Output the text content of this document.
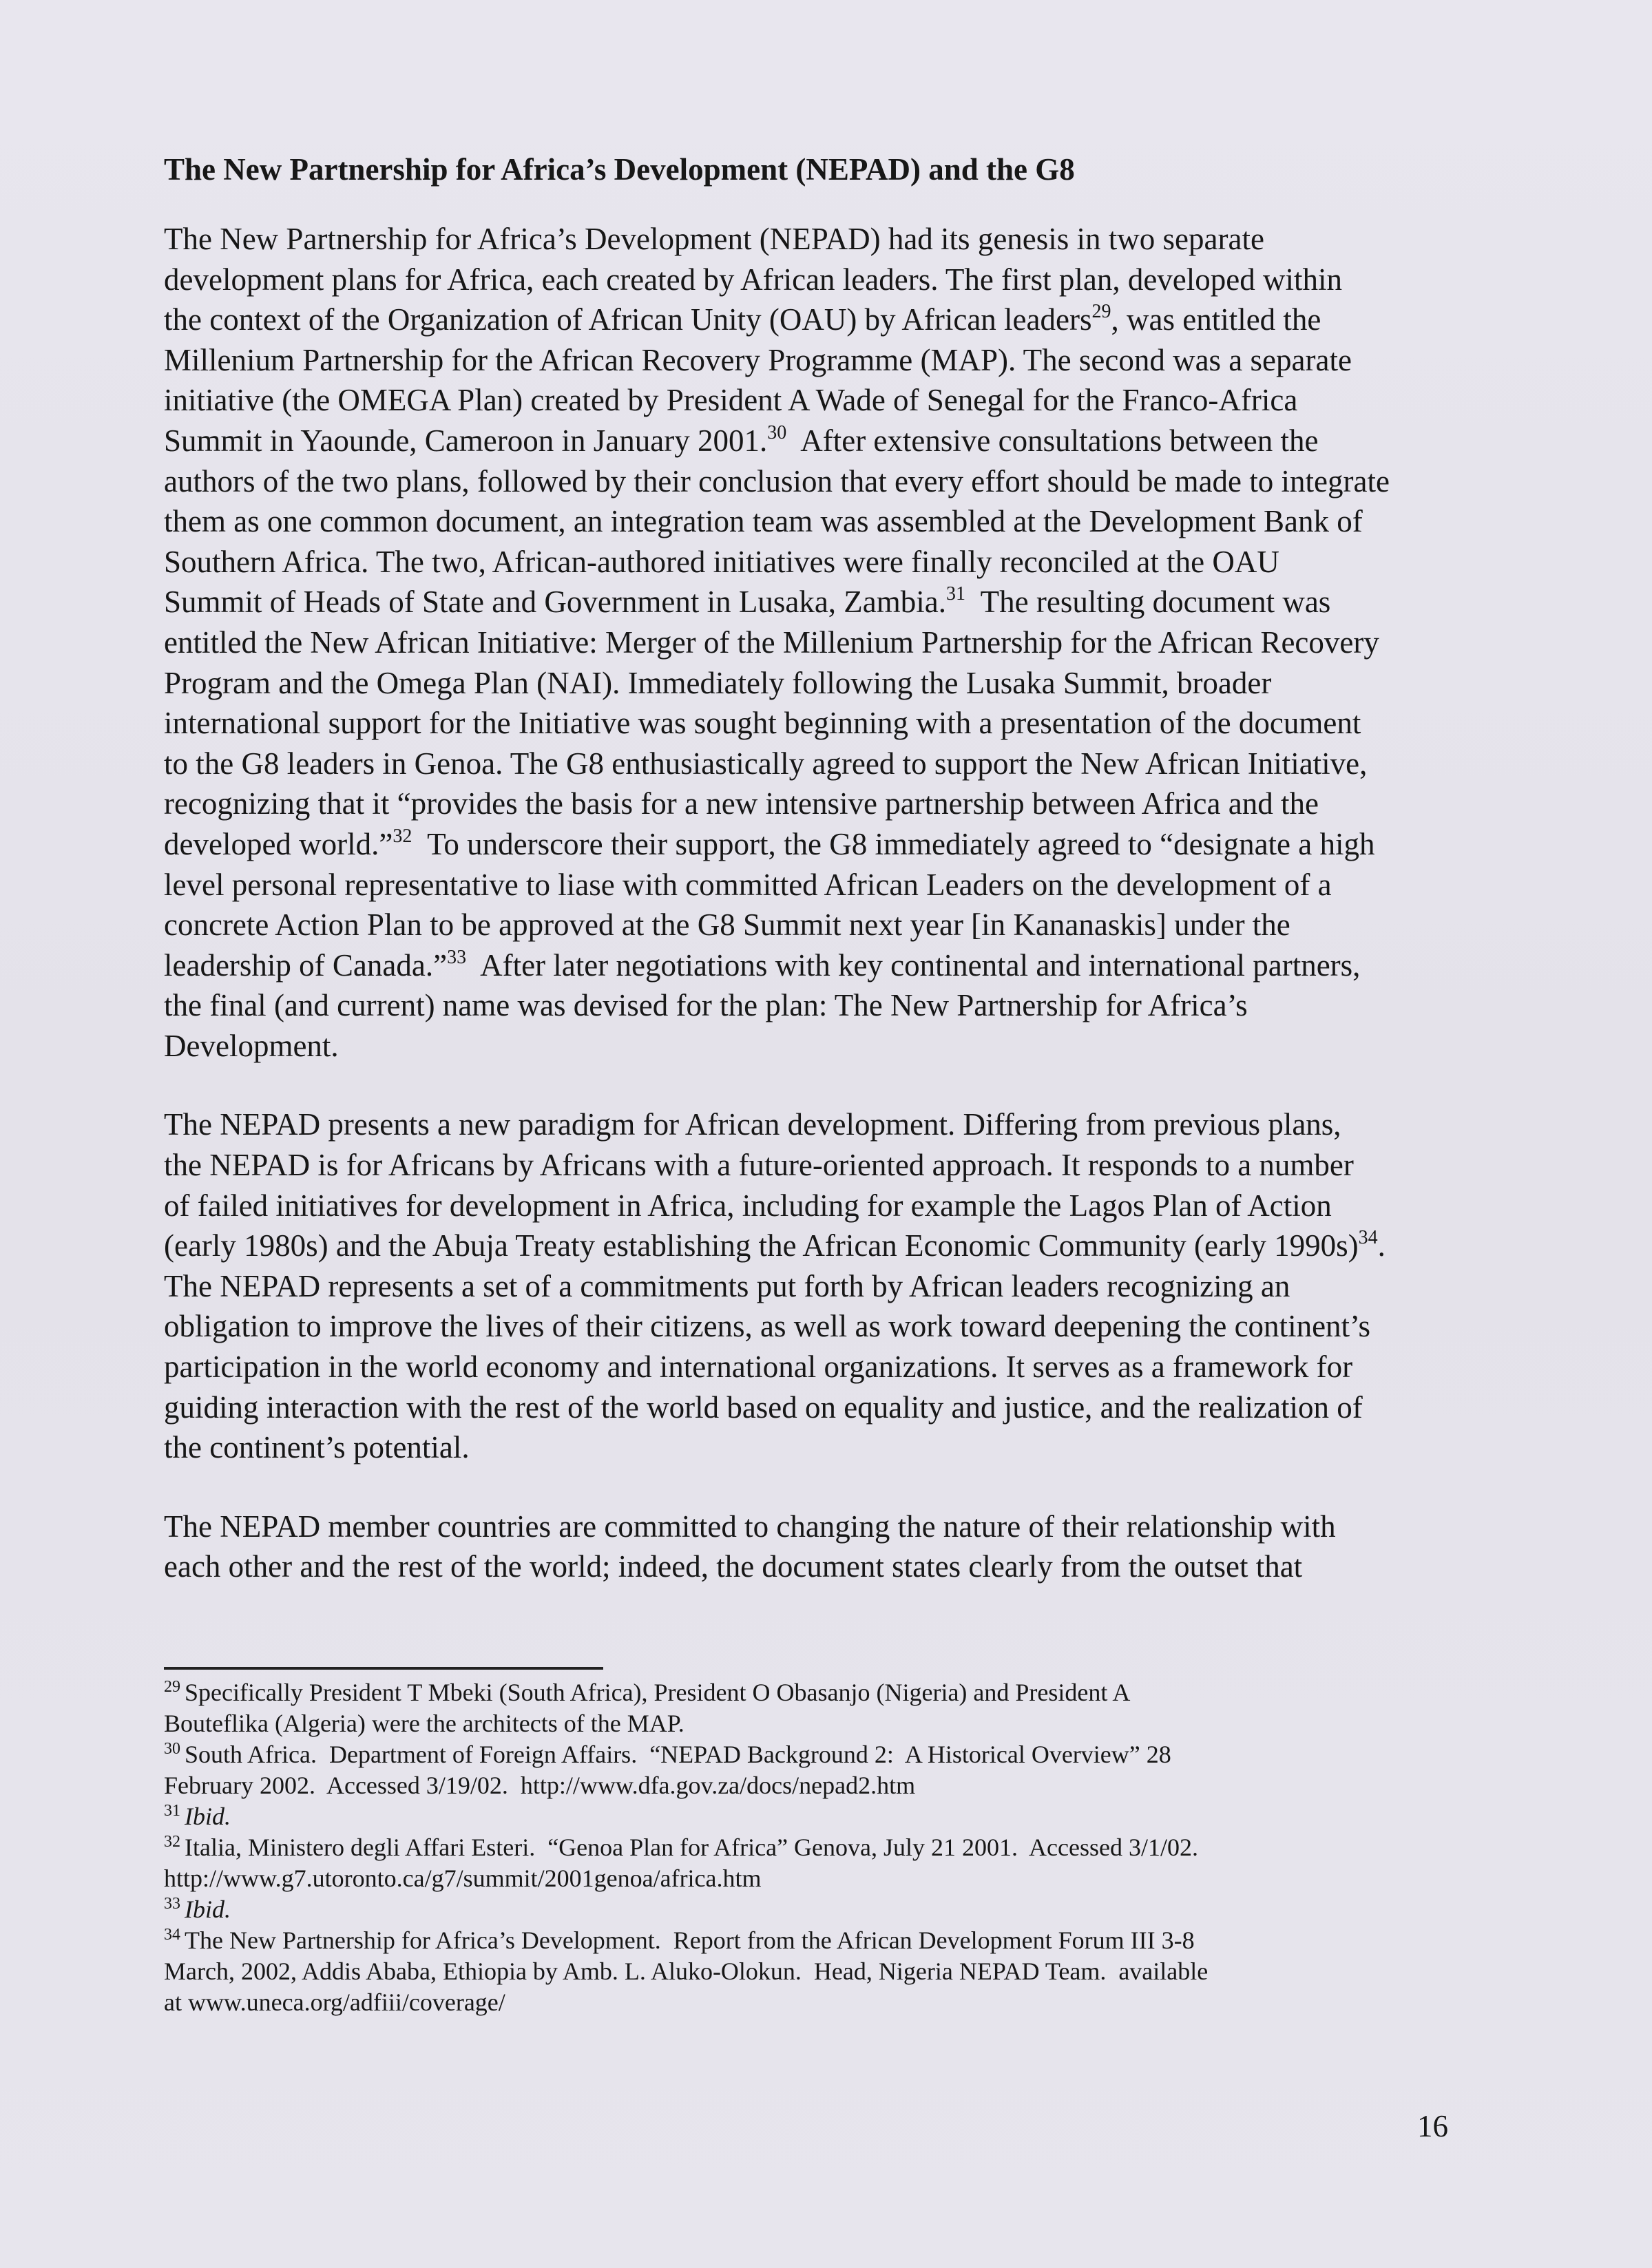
The New Partnership for Africa’s Development (NEPAD) and the G8
The New Partnership for Africa’s Development (NEPAD) had its genesis in two separate
development plans for Africa, each created by African leaders. The first plan, developed within
the context of the Organization of African Unity (OAU) by African leaders$^{29}$, was entitled the
Millenium Partnership for the African Recovery Programme (MAP). The second was a separate
initiative (the OMEGA Plan) created by President A Wade of Senegal for the Franco-Africa
Summit in Yaounde, Cameroon in January 2001.30  After extensive consultations between the
authors of the two plans, followed by their conclusion that every effort should be made to integrate
them as one common document, an integration team was assembled at the Development Bank of
Southern Africa. The two, African-authored initiatives were finally reconciled at the OAU
Summit of Heads of State and Government in Lusaka, Zambia.$^{31}$  The resulting document was
entitled the New African Initiative: Merger of the Millenium Partnership for the African Recovery
Program and the Omega Plan (NAI). Immediately following the Lusaka Summit, broader
international support for the Initiative was sought beginning with a presentation of the document
to the G8 leaders in Genoa. The G8 enthusiastically agreed to support the New African Initiative,
recognizing that it “provides the basis for a new intensive partnership between Africa and the
developed world.”$^{32}$  To underscore their support, the G8 immediately agreed to “designate a high
level personal representative to liase with committed African Leaders on the development of a
concrete Action Plan to be approved at the G8 Summit next year [in Kananaskis] under the
leadership of Canada.”$^{33}$  After later negotiations with key continental and international partners,
the final (and current) name was devised for the plan: The New Partnership for Africa’s
Development.
The NEPAD presents a new paradigm for African development. Differing from previous plans,
the NEPAD is for Africans by Africans with a future-oriented approach. It responds to a number
of failed initiatives for development in Africa, including for example the Lagos Plan of Action
(early 1980s) and the Abuja Treaty establishing the African Economic Community (early 1990s)$^{34}$.
The NEPAD represents a set of a commitments put forth by African leaders recognizing an
obligation to improve the lives of their citizens, as well as work toward deepening the continent’s
participation in the world economy and international organizations. It serves as a framework for
guiding interaction with the rest of the world based on equality and justice, and the realization of
the continent’s potential.
The NEPAD member countries are committed to changing the nature of their relationship with
each other and the rest of the world; indeed, the document states clearly from the outset that
$^{29}$ Specifically President T Mbeki (South Africa), President O Obasanjo (Nigeria) and President A
Bouteflika (Algeria) were the architects of the MAP.
$^{30}$ South Africa.  Department of Foreign Affairs.  “NEPAD Background 2:  A Historical Overview” 28
February 2002.  Accessed 3/19/02.  http://www.dfa.gov.za/docs/nepad2.htm
$^{31}$ Ibid.
$^{32}$ Italia, Ministero degli Affari Esteri.  “Genoa Plan for Africa” Genova, July 21 2001.  Accessed 3/1/02.
http://www.g7.utoronto.ca/g7/summit/2001genoa/africa.htm
$^{33}$ Ibid.
$^{34}$ The New Partnership for Africa’s Development.  Report from the African Development Forum III 3-8
March, 2002, Addis Ababa, Ethiopia by Amb. L. Aluko-Olokun.  Head, Nigeria NEPAD Team.  available
at www.uneca.org/adfiii/coverage/
16
